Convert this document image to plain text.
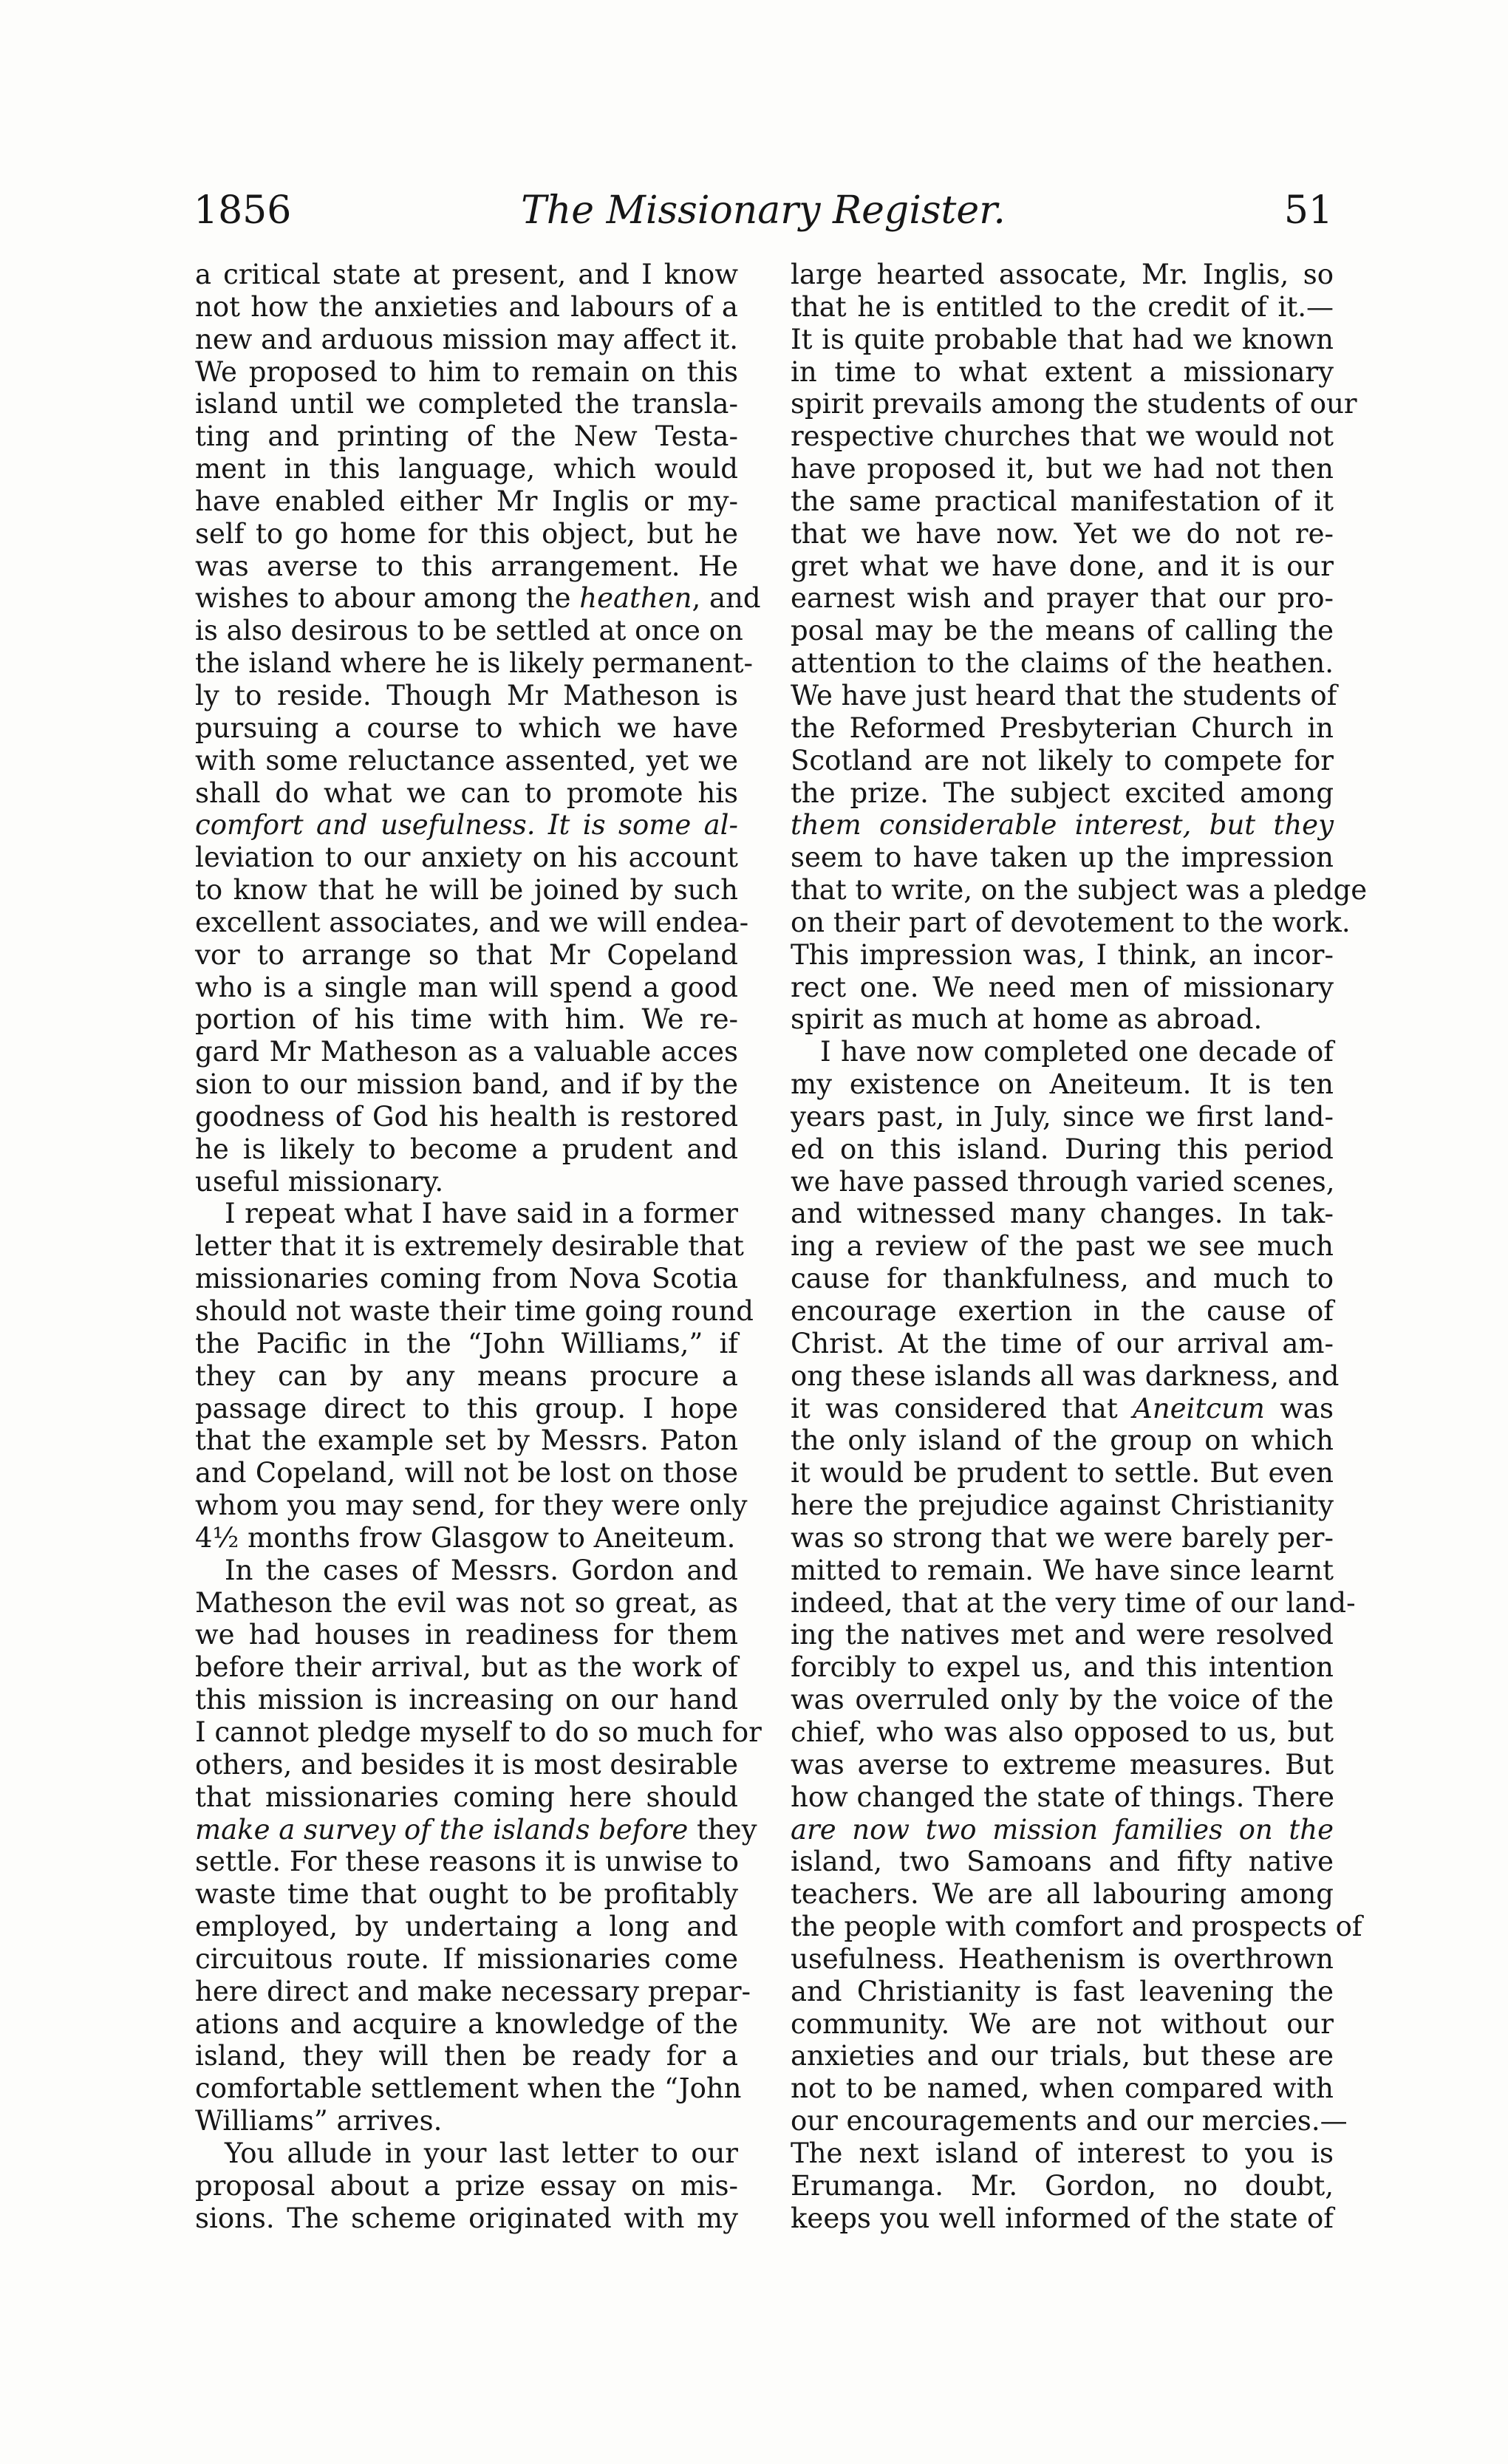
1856	The Missionary Register.	51

a critical state at present, and I know

not how the anxieties and labours of a

new and arduous mission may affect it.

We proposed to him to remain on this

island until we completed the transla-

ting and printing of the New Testa-

ment in this language, which would

have enabled either Mr Inglis or my-

self to go home for this object, but he

was averse to this arrangement. He

wishes to abour among the heathen, and

is also desirous to be settled at once on

the island where he is likely permanent-

ly to reside. Though Mr Matheson is

pursuing a course to which we have

with some reluctance assented, yet we

shall do what we can to promote his

comfort and usefulness. It is some al-

leviation to our anxiety on his account

to know that he will be joined by such

excellent associates, and we will endea-

vor to arrange so that Mr Copeland

who is a single man will spend a good

portion of his time with him. We re-

gard Mr Matheson as a valuable acces

sion to our mission band, and if by the

goodness of God his health is restored

he is likely to become a prudent and

useful missionary.

I repeat what I have said in a former

letter that it is extremely desirable that

missionaries coming from Nova Scotia

should not waste their time going round

the Pacific in the “John Williams,” if

they can by any means procure a

passage direct to this group. I hope

that the example set by Messrs. Paton

and Copeland, will not be lost on those

whom you may send, for they were only

4½ months frow Glasgow to Aneiteum.

In the cases of Messrs. Gordon and

Matheson the evil was not so great, as

we had houses in readiness for them

before their arrival, but as the work of

this mission is increasing on our hand

I cannot pledge myself to do so much for

others, and besides it is most desirable

that missionaries coming here should

make a survey of the islands before they

settle. For these reasons it is unwise to

waste time that ought to be profitably

employed, by undertaing a long and

circuitous route. If missionaries come

here direct and make necessary prepar-

ations and acquire a knowledge of the

island, they will then be ready for a

comfortable settlement when the “John

Williams” arrives.

You allude in your last letter to our

proposal about a prize essay on mis-

sions. The scheme originated with my

large hearted assocate, Mr. Inglis, so

that he is entitled to the credit of it.—

It is quite probable that had we known

in time to what extent a missionary

spirit prevails among the students of our

respective churches that we would not

have proposed it, but we had not then

the same practical manifestation of it

that we have now. Yet we do not re-

gret what we have done, and it is our

earnest wish and prayer that our pro-

posal may be the means of calling the

attention to the claims of the heathen.

We have just heard that the students of

the Reformed Presbyterian Church in

Scotland are not likely to compete for

the prize. The subject excited among

them considerable interest, but they

seem to have taken up the impression

that to write, on the subject was a pledge

on their part of devotement to the work.

This impression was, I think, an incor-

rect one. We need men of missionary

spirit as much at home as abroad.

I have now completed one decade of

my existence on Aneiteum. It is ten

years past, in July, since we first land-

ed on this island. During this period

we have passed through varied scenes,

and witnessed many changes. In tak-

ing a review of the past we see much

cause for thankfulness, and much to

encourage exertion in the cause of

Christ. At the time of our arrival am-

ong these islands all was darkness, and

it was considered that Aneitcum was

the only island of the group on which

it would be prudent to settle. But even

here the prejudice against Christianity

was so strong that we were barely per-

mitted to remain. We have since learnt

indeed, that at the very time of our land-

ing the natives met and were resolved

forcibly to expel us, and this intention

was overruled only by the voice of the

chief, who was also opposed to us, but

was averse to extreme measures. But

how changed the state of things. There

are now two mission families on the

island, two Samoans and fifty native

teachers. We are all labouring among

the people with comfort and prospects of

usefulness. Heathenism is overthrown

and Christianity is fast leavening the

community. We are not without our

anxieties and our trials, but these are

not to be named, when compared with

our encouragements and our mercies.—

The next island of interest to you is

Erumanga. Mr. Gordon, no doubt,

keeps you well informed of the state of
